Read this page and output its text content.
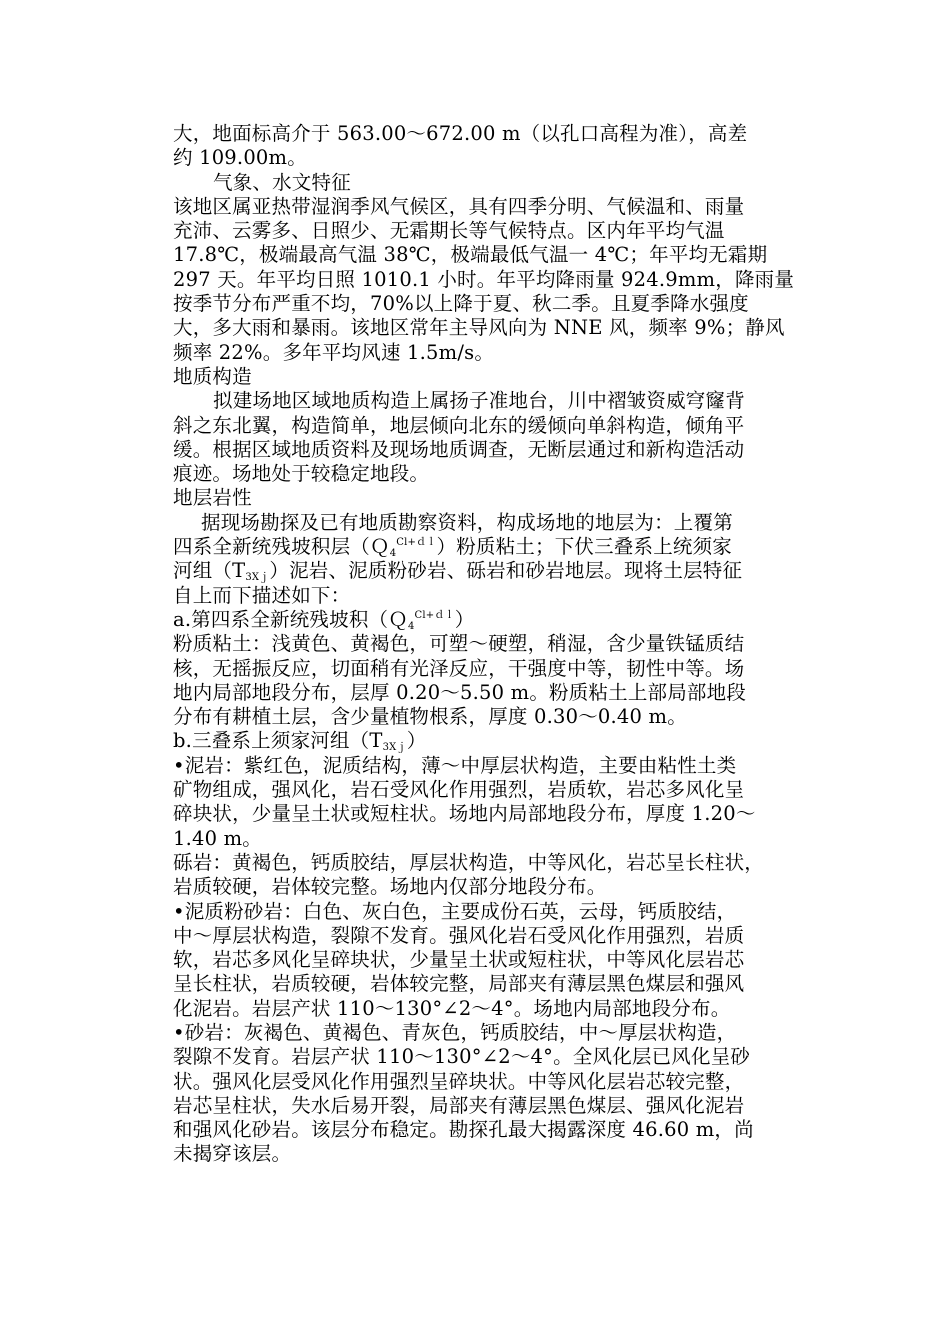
大，地面标高介于 563.00～672.00 m（以孔口高程为准），高差
约 109.00m。
气象、水文特征
该地区属亚热带湿润季风气候区，具有四季分明、气候温和、雨量
充沛、云雾多、日照少、无霜期长等气候特点。区内年平均气温
17.8℃，极端最高气温 38℃，极端最低气温一 4℃；年平均无霜期
297 天。年平均日照 1010.1 小时。年平均降雨量 924.9mm，降雨量
按季节分布严重不均，70%以上降于夏、秋二季。且夏季降水强度
大，多大雨和暴雨。该地区常年主导风向为 NNE 风，频率 9%；静风
频率 22%。多年平均风速 1.5m/s。
地质构造
拟建场地区域地质构造上属扬子准地台，川中褶皱资威穹窿背
斜之东北翼，构造简单，地层倾向北东的缓倾向单斜构造，倾角平
缓。根据区域地质资料及现场地质调查，无断层通过和新构造活动
痕迹。场地处于较稳定地段。
地层岩性
据现场勘探及已有地质勘察资料，构成场地的地层为：上覆第
四系全新统残坡积层（Ｑ$_4^{Cl+dl}$）粉质粘土；下伏三叠系上统须家
河组$(T_{3Xj})$泥岩、泥质粉砂岩、砾岩和砂岩地层。现将土层特征
自上而下描述如下：
a.第四系全新统残坡积（Ｑ$_4^{Cl+dl}$）
粉质粘土：浅黄色、黄褐色，可塑～硬塑，稍湿，含少量铁锰质结
核，无摇振反应，切面稍有光泽反应，干强度中等，韧性中等。场
地内局部地段分布，层厚 0.20～5.50 m。粉质粘土上部局部地段
分布有耕植土层，含少量植物根系，厚度 0.30～0.40 m。
b.三叠系上须家河组$(T_{3Xj})$
•泥岩：紫红色，泥质结构，薄～中厚层状构造，主要由粘性土类
矿物组成，强风化，岩石受风化作用强烈，岩质软，岩芯多风化呈
碎块状，少量呈土状或短柱状。场地内局部地段分布，厚度 1.20～
1.40 m。
砾岩：黄褐色，钙质胶结，厚层状构造，中等风化，岩芯呈长柱状，
岩质较硬，岩体较完整。场地内仅部分地段分布。
•泥质粉砂岩：白色、灰白色，主要成份石英，云母，钙质胶结，
中～厚层状构造，裂隙不发育。强风化岩石受风化作用强烈，岩质
软，岩芯多风化呈碎块状，少量呈土状或短柱状，中等风化层岩芯
呈长柱状，岩质较硬，岩体较完整，局部夹有薄层黑色煤层和强风
化泥岩。岩层产状 110～130°∠2～4°。场地内局部地段分布。
•砂岩：灰褐色、黄褐色、青灰色，钙质胶结，中～厚层状构造，
裂隙不发育。岩层产状 110～130°∠2～4°。全风化层已风化呈砂
状。强风化层受风化作用强烈呈碎块状。中等风化层岩芯较完整，
岩芯呈柱状，失水后易开裂，局部夹有薄层黑色煤层、强风化泥岩
和强风化砂岩。该层分布稳定。勘探孔最大揭露深度 46.60 m，尚
未揭穿该层。
